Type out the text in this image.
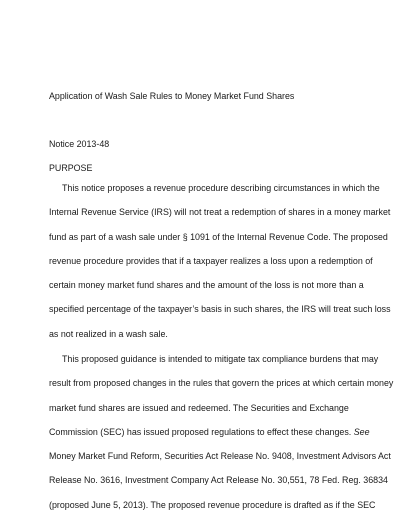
Application of Wash Sale Rules to Money Market Fund Shares
Notice 2013-48
PURPOSE
This notice proposes a revenue procedure describing circumstances in which the
Internal Revenue Service (IRS) will not treat a redemption of shares in a money market
fund as part of a wash sale under § 1091 of the Internal Revenue Code. The proposed
revenue procedure provides that if a taxpayer realizes a loss upon a redemption of
certain money market fund shares and the amount of the loss is not more than a
specified percentage of the taxpayer’s basis in such shares, the IRS will treat such loss
as not realized in a wash sale.
This proposed guidance is intended to mitigate tax compliance burdens that may
result from proposed changes in the rules that govern the prices at which certain money
market fund shares are issued and redeemed. The Securities and Exchange
Commission (SEC) has issued proposed regulations to effect these changes. See
Money Market Fund Reform, Securities Act Release No. 9408, Investment Advisors Act
Release No. 3616, Investment Company Act Release No. 30,551, 78 Fed. Reg. 36834
(proposed June 5, 2013). The proposed revenue procedure is drafted as if the SEC
